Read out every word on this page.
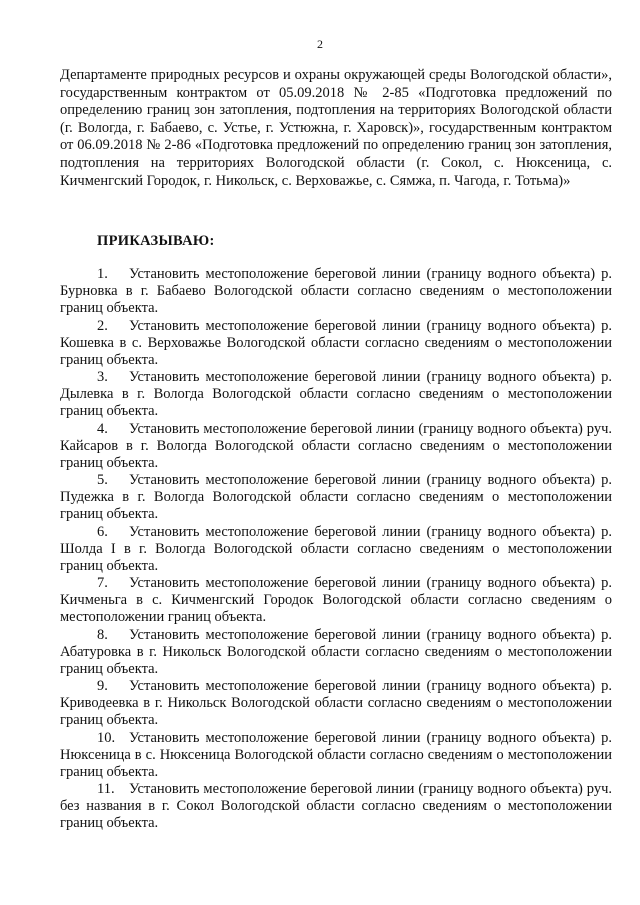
2

Департаменте природных ресурсов и охраны окружающей среды Вологодской области», государственным контрактом от 05.09.2018 № 2-85 «Подготовка предложений по определению границ зон затопления, подтопления на территориях Вологодской области (г. Вологда, г. Бабаево, с. Устье, г. Устюжна, г. Харовск)», государственным контрактом от 06.09.2018 № 2-86 «Подготовка предложений по определению границ зон затопления, подтопления на территориях Вологодской области (г. Сокол, с. Нюксеница, с. Кичменгский Городок, г. Никольск, с. Верховажье, с. Сямжа, п. Чагода, г. Тотьма)»

ПРИКАЗЫВАЮ:
1. Установить местоположение береговой линии (границу водного объекта) р. Бурновка в г. Бабаево Вологодской области согласно сведениям о местоположении границ объекта.
2. Установить местоположение береговой линии (границу водного объекта) р. Кошевка в с. Верховажье Вологодской области согласно сведениям о местоположении границ объекта.
3. Установить местоположение береговой линии (границу водного объекта) р. Дылевка в г. Вологда Вологодской области согласно сведениям о местоположении границ объекта.
4. Установить местоположение береговой линии (границу водного объекта) руч. Кайсаров в г. Вологда Вологодской области согласно сведениям о местоположении границ объекта.
5. Установить местоположение береговой линии (границу водного объекта) р. Пудежка в г. Вологда Вологодской области согласно сведениям о местоположении границ объекта.
6. Установить местоположение береговой линии (границу водного объекта) р. Шолда I в г. Вологда Вологодской области согласно сведениям о местоположении границ объекта.
7. Установить местоположение береговой линии (границу водного объекта) р. Кичменьга в с. Кичменгский Городок Вологодской области согласно сведениям о местоположении границ объекта.
8. Установить местоположение береговой линии (границу водного объекта) р. Абатуровка в г. Никольск Вологодской области согласно сведениям о местоположении границ объекта.
9. Установить местоположение береговой линии (границу водного объекта) р. Криводеевка в г. Никольск Вологодской области согласно сведениям о местоположении границ объекта.
10. Установить местоположение береговой линии (границу водного объекта) р. Нюксеница в с. Нюксеница Вологодской области согласно сведениям о местоположении границ объекта.
11. Установить местоположение береговой линии (границу водного объекта) руч. без названия в г. Сокол Вологодской области согласно сведениям о местоположении границ объекта.
